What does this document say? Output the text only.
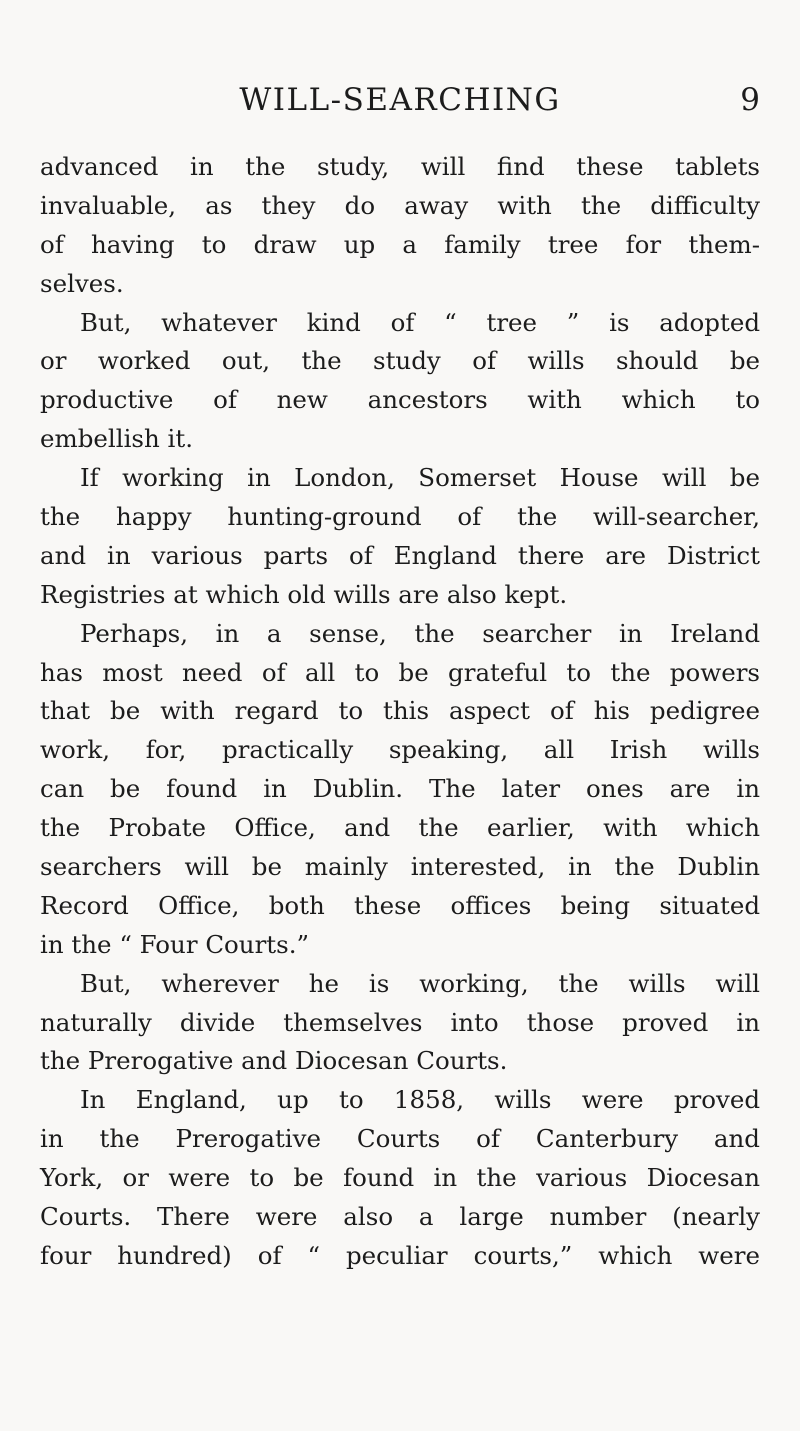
WILL-SEARCHING	9
advanced in the study, will find these tablets
invaluable, as they do away with the difficulty
of having to draw up a family tree for them-
selves.
But, whatever kind of “ tree ” is adopted
or worked out, the study of wills should be
productive of new ancestors with which to
embellish it.
If working in London, Somerset House will be
the happy hunting-ground of the will-searcher,
and in various parts of England there are District
Registries at which old wills are also kept.
Perhaps, in a sense, the searcher in Ireland
has most need of all to be grateful to the powers
that be with regard to this aspect of his pedigree
work, for, practically speaking, all Irish wills
can be found in Dublin. The later ones are in
the Probate Office, and the earlier, with which
searchers will be mainly interested, in the Dublin
Record Office, both these offices being situated
in the “ Four Courts.”
But, wherever he is working, the wills will
naturally divide themselves into those proved in
the Prerogative and Diocesan Courts.
In England, up to 1858, wills were proved
in the Prerogative Courts of Canterbury and
York, or were to be found in the various Diocesan
Courts. There were also a large number (nearly
four hundred) of “ peculiar courts,” which were
